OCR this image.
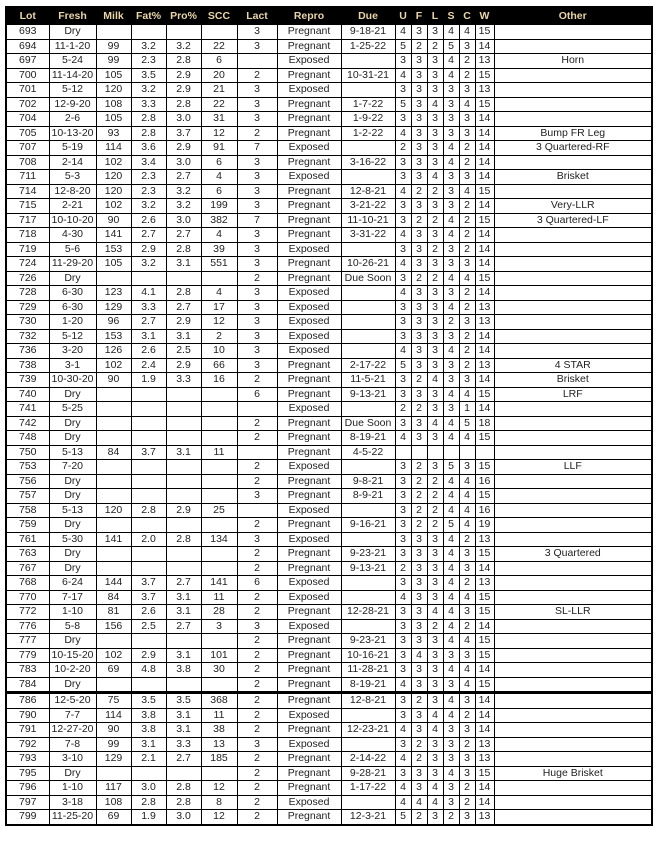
Lot	Fresh	Milk	Fat%	Pro%	SCC	Lact	Repro	Due	U	F	L	S	C	W	Other
693	Dry					3	Pregnant	9-18-21	4	3	3	4	4	15	
694	11-1-20	99	3.2	3.2	22	3	Pregnant	1-25-22	5	2	2	5	3	14	
697	5-24	99	2.3	2.8	6		Exposed		3	3	3	4	2	13	Horn
700	11-14-20	105	3.5	2.9	20	2	Pregnant	10-31-21	4	3	3	4	2	15	
701	5-12	120	3.2	2.9	21	3	Exposed		3	3	3	3	3	13	
702	12-9-20	108	3.3	2.8	22	3	Pregnant	1-7-22	5	3	4	3	4	15	
704	2-6	105	2.8	3.0	31	3	Pregnant	1-9-22	3	3	3	3	3	14	
705	10-13-20	93	2.8	3.7	12	2	Pregnant	1-2-22	4	3	3	3	3	14	Bump FR Leg
707	5-19	114	3.6	2.9	91	7	Exposed		2	3	3	4	2	14	3 Quartered-RF
708	2-14	102	3.4	3.0	6	3	Pregnant	3-16-22	3	3	3	4	2	14	
711	5-3	120	2.3	2.7	4	3	Exposed		3	3	4	3	3	14	Brisket
714	12-8-20	120	2.3	3.2	6	3	Pregnant	12-8-21	4	2	2	3	4	15	
715	2-21	102	3.2	3.2	199	3	Pregnant	3-21-22	3	3	3	3	2	14	Very-LLR
717	10-10-20	90	2.6	3.0	382	7	Pregnant	11-10-21	3	2	2	4	2	15	3 Quartered-LF
718	4-30	141	2.7	2.7	4	3	Pregnant	3-31-22	4	3	3	4	2	14	
719	5-6	153	2.9	2.8	39	3	Exposed		3	3	2	3	2	14	
724	11-29-20	105	3.2	3.1	551	3	Pregnant	10-26-21	4	3	3	3	3	14	
726	Dry					2	Pregnant	Due Soon	3	2	2	4	4	15	
728	6-30	123	4.1	2.8	4	3	Exposed		4	3	3	3	2	14	
729	6-30	129	3.3	2.7	17	3	Exposed		3	3	3	4	2	13	
730	1-20	96	2.7	2.9	12	3	Exposed		3	3	3	2	3	13	
732	5-12	153	3.1	3.1	2	3	Exposed		3	3	3	3	2	14	
736	3-20	126	2.6	2.5	10	3	Exposed		4	3	3	4	2	14	
738	3-1	102	2.4	2.9	66	3	Pregnant	2-17-22	5	3	3	3	2	13	4 STAR
739	10-30-20	90	1.9	3.3	16	2	Pregnant	11-5-21	3	2	4	3	3	14	Brisket
740	Dry					6	Pregnant	9-13-21	3	3	3	4	4	15	LRF
741	5-25						Exposed		2	2	3	3	1	14	
742	Dry					2	Pregnant	Due Soon	3	3	4	4	5	18	
748	Dry					2	Pregnant	8-19-21	4	3	3	4	4	15	
750	5-13	84	3.7	3.1	11		Pregnant	4-5-22							
753	7-20					2	Exposed		3	2	3	5	3	15	LLF
756	Dry					2	Pregnant	9-8-21	3	2	2	4	4	16	
757	Dry					3	Pregnant	8-9-21	3	2	2	4	4	15	
758	5-13	120	2.8	2.9	25		Exposed		3	2	2	4	4	16	
759	Dry					2	Pregnant	9-16-21	3	2	2	5	4	19	
761	5-30	141	2.0	2.8	134	3	Exposed		3	3	3	4	2	13	
763	Dry					2	Pregnant	9-23-21	3	3	3	4	3	15	3 Quartered
767	Dry					2	Pregnant	9-13-21	2	3	3	4	3	14	
768	6-24	144	3.7	2.7	141	6	Exposed		3	3	3	4	2	13	
770	7-17	84	3.7	3.1	11	2	Exposed		4	3	3	4	4	15	
772	1-10	81	2.6	3.1	28	2	Pregnant	12-28-21	3	3	4	4	3	15	SL-LLR
776	5-8	156	2.5	2.7	3	3	Exposed		3	3	2	4	2	14	
777	Dry					2	Pregnant	9-23-21	3	3	3	4	4	15	
779	10-15-20	102	2.9	3.1	101	2	Pregnant	10-16-21	3	4	3	3	3	15	
783	10-2-20	69	4.8	3.8	30	2	Pregnant	11-28-21	3	3	3	4	4	14	
784	Dry					2	Pregnant	8-19-21	4	3	3	3	4	15	
786	12-5-20	75	3.5	3.5	368	2	Pregnant	12-8-21	3	2	3	4	3	14	
790	7-7	114	3.8	3.1	11	2	Exposed		3	3	4	4	2	14	
791	12-27-20	90	3.8	3.1	38	2	Pregnant	12-23-21	4	3	4	3	3	14	
792	7-8	99	3.1	3.3	13	3	Exposed		3	2	3	3	2	13	
793	3-10	129	2.1	2.7	185	2	Pregnant	2-14-22	4	2	3	3	3	13	
795	Dry					2	Pregnant	9-28-21	3	3	3	4	3	15	Huge Brisket
796	1-10	117	3.0	2.8	12	2	Pregnant	1-17-22	4	3	4	3	2	14	
797	3-18	108	2.8	2.8	8	2	Exposed		4	4	4	3	2	14	
799	11-25-20	69	1.9	3.0	12	2	Pregnant	12-3-21	5	2	3	2	3	13	
